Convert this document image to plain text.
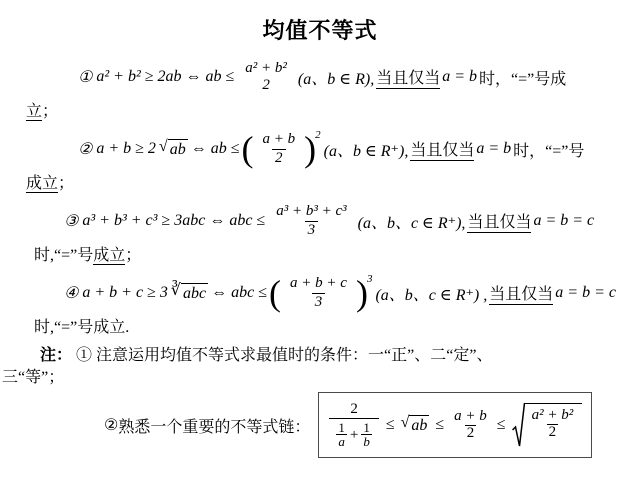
均值不等式
① a² + b² ≥ 2ab ⇔ ab ≤
a² + b²
2 (a、b ∈ R), 当且仅当 a = b 时，“=”号成
立；
② a + b ≥ 2 √ ab ⇔ ab ≤ ( $\frac{a + b}{2} )^2$
(a、b ∈ R⁺), 当且仅当 a = b 时，“=”号
成立；
③ a³ + b³ + c³ ≥ 3abc ⇔ abc ≤ $\frac{\text{a³ + b³ + c³}}{3} (a$、b、c ∈ R⁺), 当且仅当 a = b = c
时,“=”号成立；
④ a + b + c ≥ 3 ∛ abc ⇔ abc ≤ ( $\frac{a + b + c}{3} )^3$
(a、b、c ∈ R⁺) , 当且仅当 a = b = c
时,“=”号成立.
注： ① 注意运用均值不等式求最值时的条件：一“正”、二“定”、
三“等”；
② 熟悉一个重要的不等式链：
2
$\frac{1}{a} + \frac{1}{b}$ ≤ √ ab ≤ $\frac{a + b}{2} \le \frac{\text{a² + b²}}{2}$
